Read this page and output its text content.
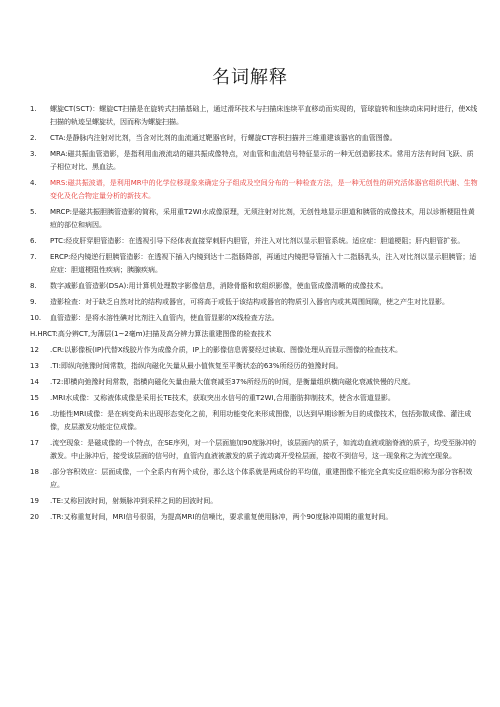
名词解释
1.	螺旋CT(SCT)：螺旋CT扫描是在旋转式扫描基础上，通过滑环技术与扫描床连续平直移动而实现的，管球旋转和连续动床同时进行，使X线扫描的轨迹呈螺旋状，因而称为螺旋扫描。
2.	CTA:是静脉内注射对比剂，当含对比剂的血流通过靶器官时，行螺旋CT容积扫描并三维重建该器官的血管图像。
3.	MRA:磁共振血管造影，是指利用血液流动的磁共振成像特点，对血管和血流信号特征显示的一种无创造影技术。常用方法有时间飞跃、质子相位对比、黑血法。
4.	MRS:磁共振波谱，是利用MR中的化学位移现象来确定分子组成及空间分布的一种检查方法，是一种无创性的研究活体器官组织代谢、生物变化及化合物定量分析的新技术。
5.	MRCP:是磁共振胆胰管造影的简称，采用重T2WI水成像原理，无须注射对比剂，无创性地显示胆道和胰管的成像技术，用以诊断梗阻性黄疸的部位和病因。
6.	PTC:经皮肝穿胆管造影：在透视引导下经体表直接穿刺肝内胆管，并注入对比剂以显示胆管系统。适应症：胆道梗阻；肝内胆管扩张。
7.	ERCP:经内镜逆行胆胰管造影：在透视下插入内镜到达十二指肠降部，再通过内镜把导管插入十二指肠乳头，注入对比剂以显示胆胰管；适应症：胆道梗阻性疾病；胰腺疾病。
8.	数字减影血管造影(DSA):用计算机处理数字影像信息，消除骨骼和软组织影像，使血管成像清晰的成像技术。
9.	造影检查：对于缺乏自然对比的结构或器官，可将高于或低于该结构或器官的物质引入器官内或其周围间隙，使之产生对比显影。
10.	血管造影：是将水溶性碘对比剂注入血管内，使血管显影的X线检查方法。
H.HRCT:高分辨CT,为薄层(1~2毫m)扫描及高分辨力算法重建图像的检查技术
12	.CR:以影像板(IP)代替X线胶片作为成像介质，IP上的影像信息需要经过读取、图像处理从而显示图像的检查技术。
13	.TI:即纵向弛豫时间常数，指纵向磁化矢量从最小值恢复至平衡状态的63%所经历的弛豫时间。
14	.T2:即横向弛豫时间常数，指横向磁化矢量由最大值衰减至37%所经历的时间，是衡量组织横向磁化衰减快慢的尺度。
15	.MRI水成像：又称液体成像是采用长TE技术，获取突出水信号的重T2WI,合用脂肪抑制技术，使含水管道显影。
16	.功能性MRI成像：是在病变尚未出现形态变化之前，利用功能变化来形成图像，以达到早期诊断为目的成像技术，包括弥散成像、灌注成像，皮层激发功能定位成像。
17	.流空现象：是磁成像的一个特点，在SE序列，对一个层面施加90度脉冲时，该层面内的质子，如流动血液或脑脊液的质子，均受至脉冲的激发。中止脉冲后，接受该层面的信号时，血管内血液被激发的质子流动离开受检层面，接收不到信号，这一现象称之为流空现象。
18	.部分容积效应：层面成像，一个全系内有两个成份，那么这个体系就是两成份的平均值，重建图像不能完全真实反应组织称为部分容积效应。
19	.TE:又称回波时间，射频脉冲到采样之间的回波时间。
20	.TR:又称重复时间，MRI信号很弱，为提高MRI的信噪比，要求重复使用脉冲，两个90度脉冲周期的重复时间。
